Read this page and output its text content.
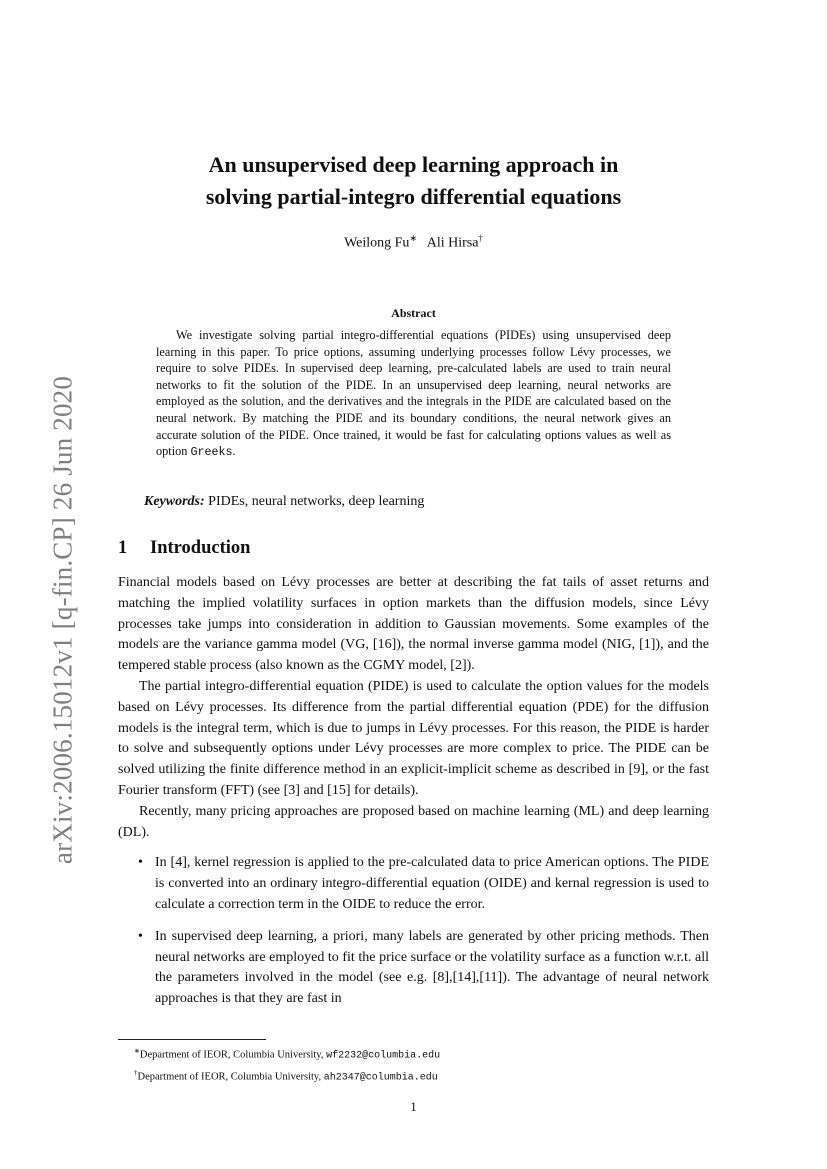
arXiv:2006.15012v1 [q-fin.CP] 26 Jun 2020
An unsupervised deep learning approach in
solving partial-integro differential equations
Weilong Fu∗ Ali Hirsa†
Abstract

We investigate solving partial integro-differential equations (PIDEs) using unsupervised deep learning in this paper. To price options, assuming underlying processes follow Lévy processes, we require to solve PIDEs. In supervised deep learning, pre-calculated labels are used to train neural networks to fit the solution of the PIDE. In an unsupervised deep learning, neural networks are employed as the solution, and the derivatives and the integrals in the PIDE are calculated based on the neural network. By matching the PIDE and its boundary conditions, the neural network gives an accurate solution of the PIDE. Once trained, it would be fast for calculating options values as well as option Greeks.

Keywords: PIDEs, neural networks, deep learning
1 Introduction

Financial models based on Lévy processes are better at describing the fat tails of asset returns and matching the implied volatility surfaces in option markets than the diffusion models, since Lévy processes take jumps into consideration in addition to Gaussian movements. Some examples of the models are the variance gamma model (VG, [16]), the normal inverse gamma model (NIG, [1]), and the tempered stable process (also known as the CGMY model, [2]).

The partial integro-differential equation (PIDE) is used to calculate the option values for the models based on Lévy processes. Its difference from the partial differential equation (PDE) for the diffusion models is the integral term, which is due to jumps in Lévy processes. For this reason, the PIDE is harder to solve and subsequently options under Lévy processes are more complex to price. The PIDE can be solved utilizing the finite difference method in an explicit-implicit scheme as described in [9], or the fast Fourier transform (FFT) (see [3] and [15] for details).

Recently, many pricing approaches are proposed based on machine learning (ML) and deep learning (DL).

• In [4], kernel regression is applied to the pre-calculated data to price American options. The PIDE is converted into an ordinary integro-differential equation (OIDE) and kernal regression is used to calculate a correction term in the OIDE to reduce the error.
• In supervised deep learning, a priori, many labels are generated by other pricing methods. Then neural networks are employed to fit the price surface or the volatility surface as a function w.r.t. all the parameters involved in the model (see e.g. [8],[14],[11]). The advantage of neural network approaches is that they are fast in
∗Department of IEOR, Columbia University, wf2232@columbia.edu
†Department of IEOR, Columbia University, ah2347@columbia.edu
1
